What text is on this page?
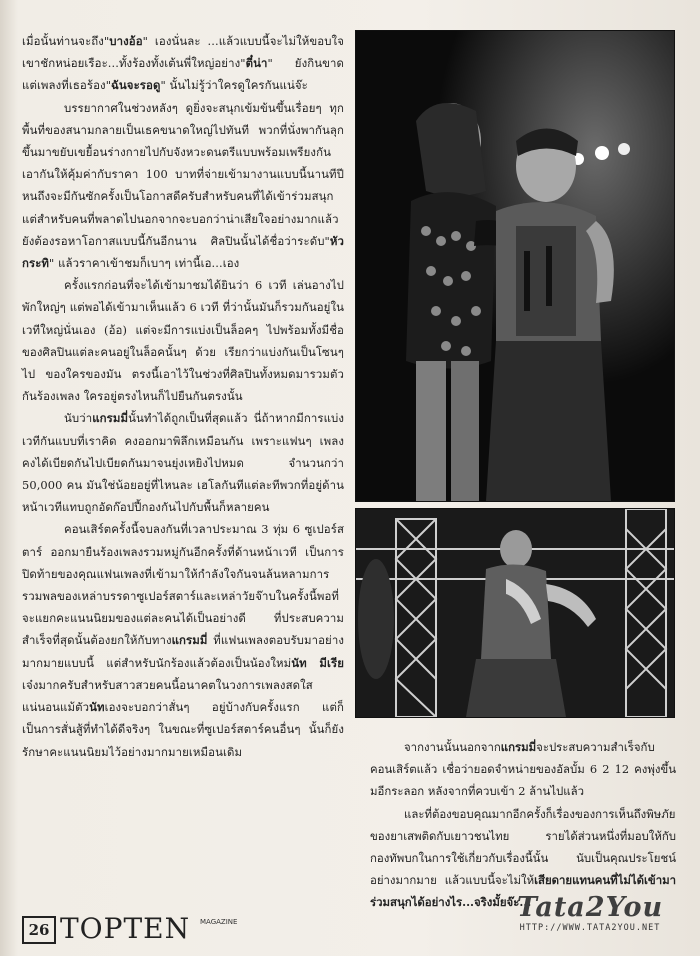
เมื่อนั้นท่านจะถึง"บางอ้อ" เองนั่นละ ...แล้วแบบนี้จะไม่ให้ขอบใจเขาชักหน่อยเรือะ...ทั้งร้องทั้งเต้นพี่ใหญ่อย่าง"ตี๋น่า" ยังกินขาด แต่เพลงที่เธอร้อง"ฉันจะรอดู" นั้นไม่รู้ว่าใครดูใครกันแน่จ๊ะ

บรรยากาศในช่วงหลังๆ ดูยิ่งจะสนุกเข้มข้นขึ้นเรื่อยๆ ทุกพื้นที่ของสนามกลายเป็นเธคขนาดใหญ่ไปทันที พวกที่นั่งพากันลุกขึ้นมาขยับเขยื้อนร่างกายไปกับจังหวะดนตรีแบบพร้อมเพรียงกัน เอากันให้คุ้มค่ากับราคา 100 บาทที่จ่ายเข้ามางานแบบนี้นานทีปีหนถึงจะมีกันซักครั้งเป็นโอกาสดีครับสำหรับคนที่ได้เข้าร่วมสนุก แต่สำหรับคนที่พลาดไปนอกจากจะบอกว่าน่าเสียใจอย่างมากแล้วยังต้องรอหาโอกาสแบบนี้กันอีกนาน ศิลปินนั้นได้ชื่อว่าระดับ"หัวกระทิ" แล้วราคาเข้าชมก็เบาๆ เท่านี้เอ...เอง

ครั้งแรกก่อนที่จะได้เข้ามาชมได้ยินว่า 6 เวที เล่นอางไปพักใหญ่ๆ แต่พอได้เข้ามาเห็นแล้ว 6 เวที ที่ว่านั้นมันก็รวมกันอยู่ในเวทีใหญ่นั่นเอง (อ้อ) แต่จะมีการแบ่งเป็นล็อคๆ ไปพร้อมทั้งมีชื่อของศิลปินแต่ละคนอยู่ในล็อคนั้นๆ ด้วย เรียกว่าแบ่งกันเป็นโซนๆ ไป ของใครของมัน ตรงนี้เอาไว้ในช่วงที่ศิลปินทั้งหมดมารวมตัวกันร้องเพลง ใครอยู่ตรงไหนก็ไปยืนกันตรงนั้น

นับว่าแกรมมี่นั้นทำได้ถูกเป็นที่สุดแล้ว นี่ถ้าหากมีการแบ่งเวทีกันแบบที่เราคิด คงออกมาพิลึกเหมือนกัน เพราะแฟนๆ เพลงคงได้เบียดกันไปเบียดกันมาจนยุ่งเหยิงไปหมด จำนวนกว่า 50,000 คน มันใช่น้อยอยู่ที่ไหนละ เฮโลกันทีแต่ละทีพวกที่อยู่ด้านหน้าเวทีแทบถูกอัดก๊อปปี้กองกันไปกับพื้นก็หลายคน

คอนเสิร์ตครั้งนี้จบลงกันที่เวลาประมาณ 3 ทุ่ม 6 ซูเปอร์สตาร์ ออกมายืนร้องเพลงรวมหมู่กันอีกครั้งที่ด้านหน้าเวที เป็นการปิดท้ายของคุณแฟนเพลงที่เข้ามาให้กำลังใจกันจนล้นหลามการรวมพลของเหล่าบรรดาซูเปอร์สตาร์และเหล่าวัยจ๊าบในครั้งนี้พอที่จะแยกคะแนนนิยมของแต่ละคนได้เป็นอย่างดี ที่ประสบความสำเร็จที่สุดนั้นต้องยกให้กับทางแกรมมี่ ที่แฟนเพลงตอบรับมาอย่างมากมายแบบนี้ แต่สำหรับนักร้องแล้วต้องเป็นน้องใหม่นัท มีเรีย เจ๋งมากครับสำหรับสาวสวยคนนี้อนาคตในวงการเพลงสดใสแน่นอนแม้ตัวนัทเองจะบอกว่าสั่นๆ อยู่บ้างกับครั้งแรก แต่ก็เป็นการสั่นสู้ที่ทำได้ดีจริงๆ ในขณะที่ซูเปอร์สตาร์คนอื่นๆ นั้นก็ยังรักษาคะแนนนิยมไว้อย่างมากมายเหมือนเดิม	จากงานนั้นนอกจากแกรมมี่จะประสบความสำเร็จกับคอนเสิร์ตแล้ว เชื่อว่ายอดจำหน่ายของอัลบั้ม 6 2 12 คงพุ่งขึ้นมอีกระลอก หลังจากที่ควบเข้า 2 ล้านไปแล้ว

และที่ต้องขอบคุณมากอีกครั้งก็เรื่องของการเห็นถึงพิษภัยของยาเสพติดกับเยาวชนไทย รายได้ส่วนหนึ่งที่มอบให้กับกองทัพบกในการใช้เกี่ยวกับเรื่องนี้นั้น นับเป็นคุณประโยชน์อย่างมากมาย แล้วแบบนี้จะไม่ให้เสียดายแทนคนที่ไม่ได้เข้ามาร่วมสนุกได้อย่างไร...จริงมั้ยจ๊ะ...

26 TOPTEN MAGAZINE	Tata2You
HTTP://WWW.TATA2YOU.NET
